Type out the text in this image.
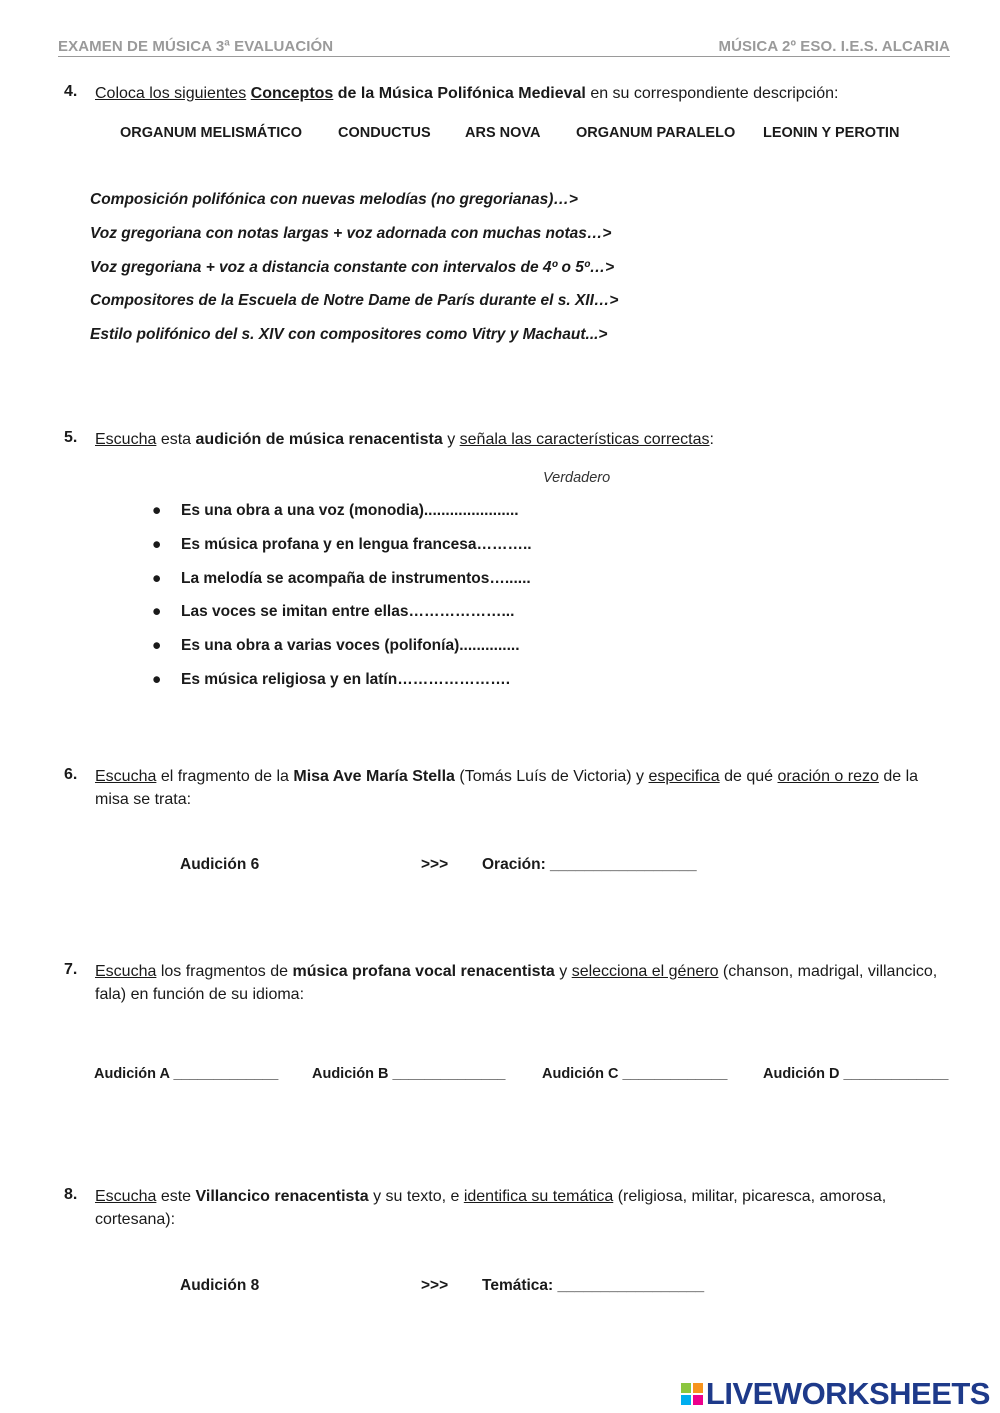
EXAMEN DE MÚSICA 3ª EVALUACIÓN	MÚSICA 2º ESO. I.E.S. ALCARIA
4. Coloca los siguientes Conceptos de la Música Polifónica Medieval en su correspondiente descripción:
ORGANUM MELISMÁTICO CONDUCTUS ARS NOVA ORGANUM PARALELO LEONIN Y PEROTIN
Composición polifónica con nuevas melodías (no gregorianas)…>
Voz gregoriana con notas largas + voz adornada con muchas notas…>
Voz gregoriana + voz a distancia constante con intervalos de 4º o 5º…>
Compositores de la Escuela de Notre Dame de París durante el s. XII…>
Estilo polifónico del s. XIV con compositores como Vitry y Machaut...>
5. Escucha esta audición de música renacentista y señala las características correctas:
Verdadero
● Es una obra a una voz (monodia)......................
● Es música profana y en lengua francesa………..
● La melodía se acompaña de instrumentos…......
● Las voces se imitan entre ellas………………...
● Es una obra a varias voces (polifonía)..............
● Es música religiosa y en latín………………….
6. Escucha el fragmento de la Misa Ave María Stella (Tomás Luís de Victoria) y especifica de qué oración o rezo de la misa se trata:
Audición 6	>>> Oración: _________________
7. Escucha los fragmentos de música profana vocal renacentista y selecciona el género (chanson, madrigal, villancico, fala) en función de su idioma:
Audición A _____________ Audición B ______________	Audición C _____________ Audición D _____________
8. Escucha este Villancico renacentista y su texto, e identifica su temática (religiosa, militar, picaresca, amorosa, cortesana):
Audición 8	>>> Temática: _________________
LIVEWORKSHEETS
